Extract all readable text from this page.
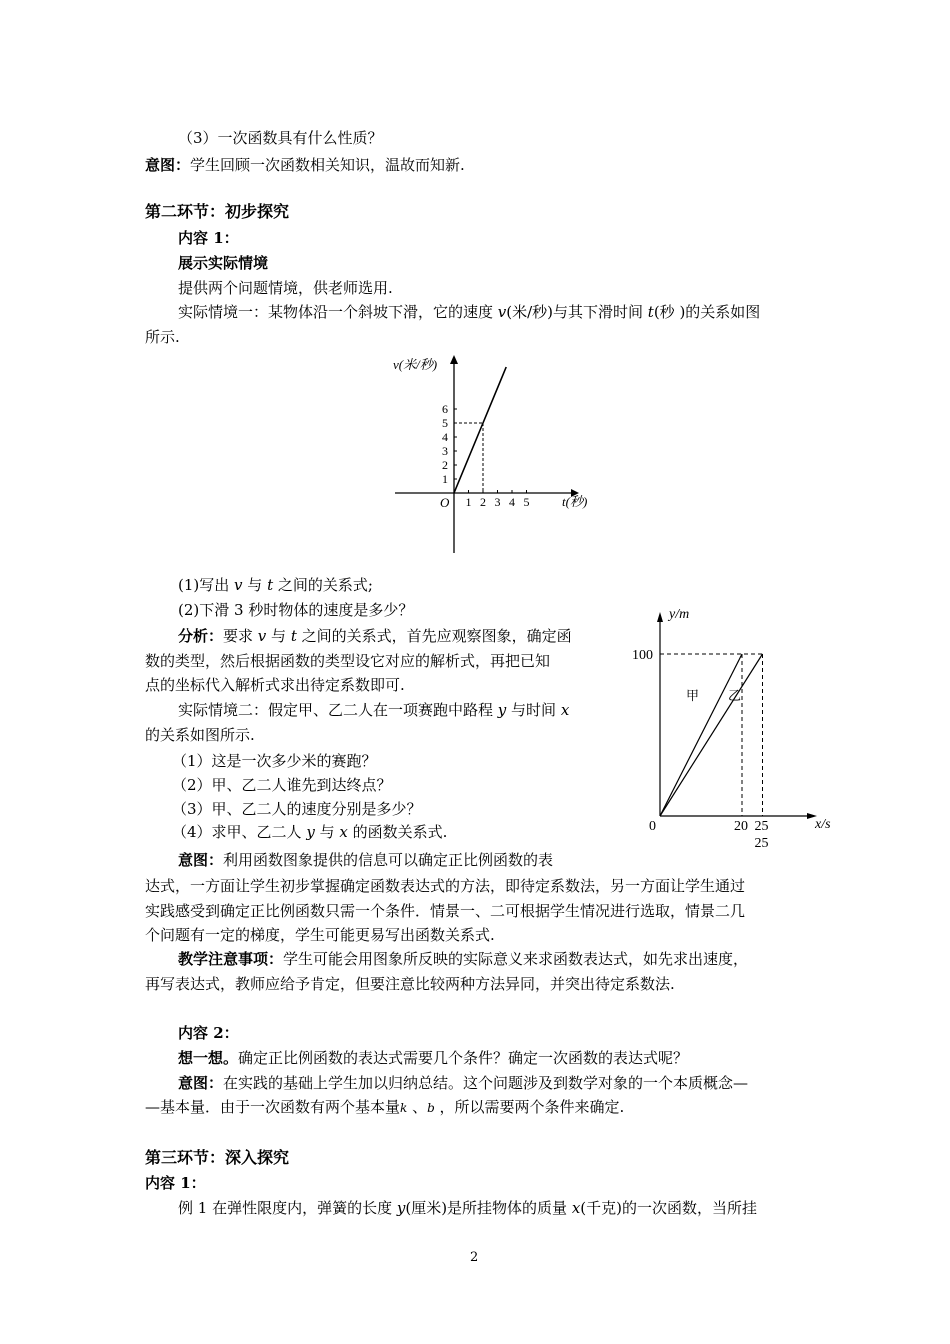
（3）一次函数具有什么性质？
意图：学生回顾一次函数相关知识，温故而知新.
第二环节：初步探究
内容 1：
展示实际情境
提供两个问题情境，供老师选用.
实际情境一：某物体沿一个斜坡下滑，它的速度 v(米/秒)与其下滑时间 t(秒 )的关系如图
所示.
v(米/秒)
t(秒)
O 1 2 3 4 5
1
2
3
4
5
6
(1)写出 v 与 t 之间的关系式;
(2)下滑 3 秒时物体的速度是多少？
分析：要求 v 与 t 之间的关系式，首先应观察图象，确定函
数的类型，然后根据函数的类型设它对应的解析式，再把已知
点的坐标代入解析式求出待定系数即可.
实际情境二：假定甲、乙二人在一项赛跑中路程 y 与时间 x
的关系如图所示.
（1）这是一次多少米的赛跑？
（2）甲、乙二人谁先到达终点？
（3）甲、乙二人的速度分别是多少？
（4）求甲、乙二人 y 与 x 的函数关系式.
y/m
x/s
0
100
20 25
25
甲 乙
意图：利用函数图象提供的信息可以确定正比例函数的表
达式，一方面让学生初步掌握确定函数表达式的方法，即待定系数法，另一方面让学生通过
实践感受到确定正比例函数只需一个条件．情景一、二可根据学生情况进行选取，情景二几
个问题有一定的梯度，学生可能更易写出函数关系式.
教学注意事项：学生可能会用图象所反映的实际意义来求函数表达式，如先求出速度，
再写表达式，教师应给予肯定，但要注意比较两种方法异同，并突出待定系数法.
内容 2：
想一想。确定正比例函数的表达式需要几个条件？确定一次函数的表达式呢？
意图：在实践的基础上学生加以归纳总结。这个问题涉及到数学对象的一个本质概念—
—基本量．由于一次函数有两个基本量k 、b ，所以需要两个条件来确定.
第三环节：深入探究
内容 1：
例 1 在弹性限度内，弹簧的长度 y(厘米)是所挂物体的质量 x(千克)的一次函数，当所挂
2
